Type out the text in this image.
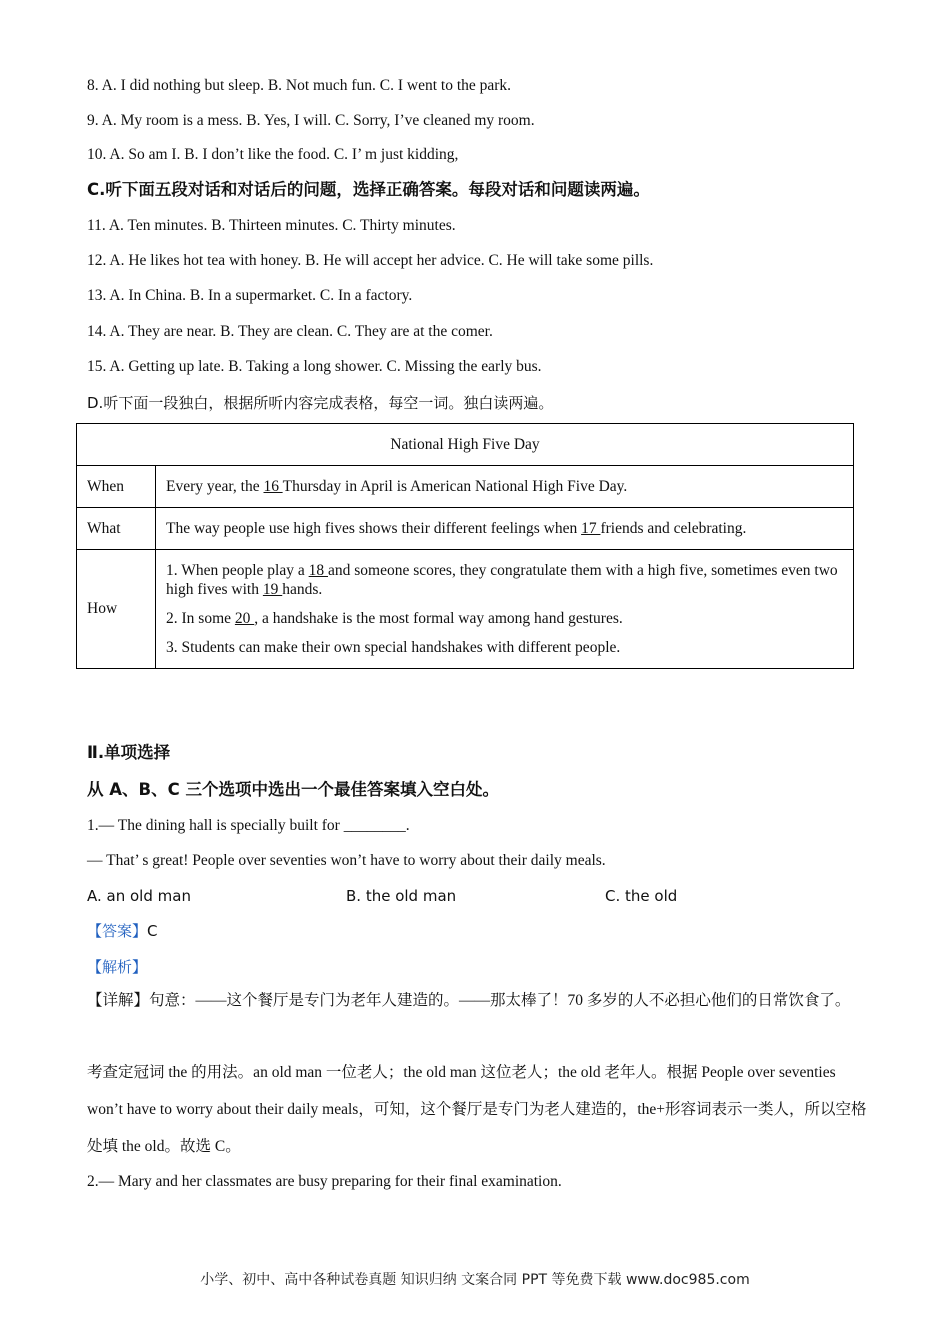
8. A. I did nothing but sleep. B. Not much fun. C. I went to the park.
9. A. My room is a mess. B. Yes, I will. C. Sorry, I’ve cleaned my room.
10. A. So am I. B. I don’t like the food. C. I’ m just kidding,
C.听下面五段对话和对话后的问题，选择正确答案。每段对话和问题读两遍。
11. A. Ten minutes. B. Thirteen minutes. C. Thirty minutes.
12. A. He likes hot tea with honey. B. He will accept her advice. C. He will take some pills.
13. A. In China. B. In a supermarket. C. In a factory.
14. A. They are near. B. They are clean. C. They are at the comer.
15. A. Getting up late. B. Taking a long shower. C. Missing the early bus.
D.听下面一段独白，根据所听内容完成表格，每空一词。独白读两遍。
National High Five Day	
When	Every year, the 16 Thursday in April is American National High Five Day.
What	The way people use high fives shows their different feelings when 17 friends and celebrating.
How	1. When people play a 18 and someone scores, they congratulate them with a high five, sometimes even two high fives with 19 hands.
2. In some 20 , a handshake is the most formal way among hand gestures.
3. Students can make their own special handshakes with different people.
Ⅱ.单项选择
从 A、B、C 三个选项中选出一个最佳答案填入空白处。
1.— The dining hall is specially built for ________.
— That’ s great! People over seventies won’t have to worry about their daily meals.
A. an old man	B. the old man	C. the old
【答案】C
【解析】
【详解】句意：——这个餐厅是专门为老年人建造的。——那太棒了！70 多岁的人不必担心他们的日常饮食了。
考查定冠词 the 的用法。an old man 一位老人；the old man 这位老人；the old 老年人。根据 People over seventies won’t have to worry about their daily meals，可知，这个餐厅是专门为老人建造的，the+形容词表示一类人，所以空格处填 the old。故选 C。
2.— Mary and her classmates are busy preparing for their final examination.
小学、初中、高中各种试卷真题 知识归纳 文案合同 PPT 等免费下载 www.doc985.com
